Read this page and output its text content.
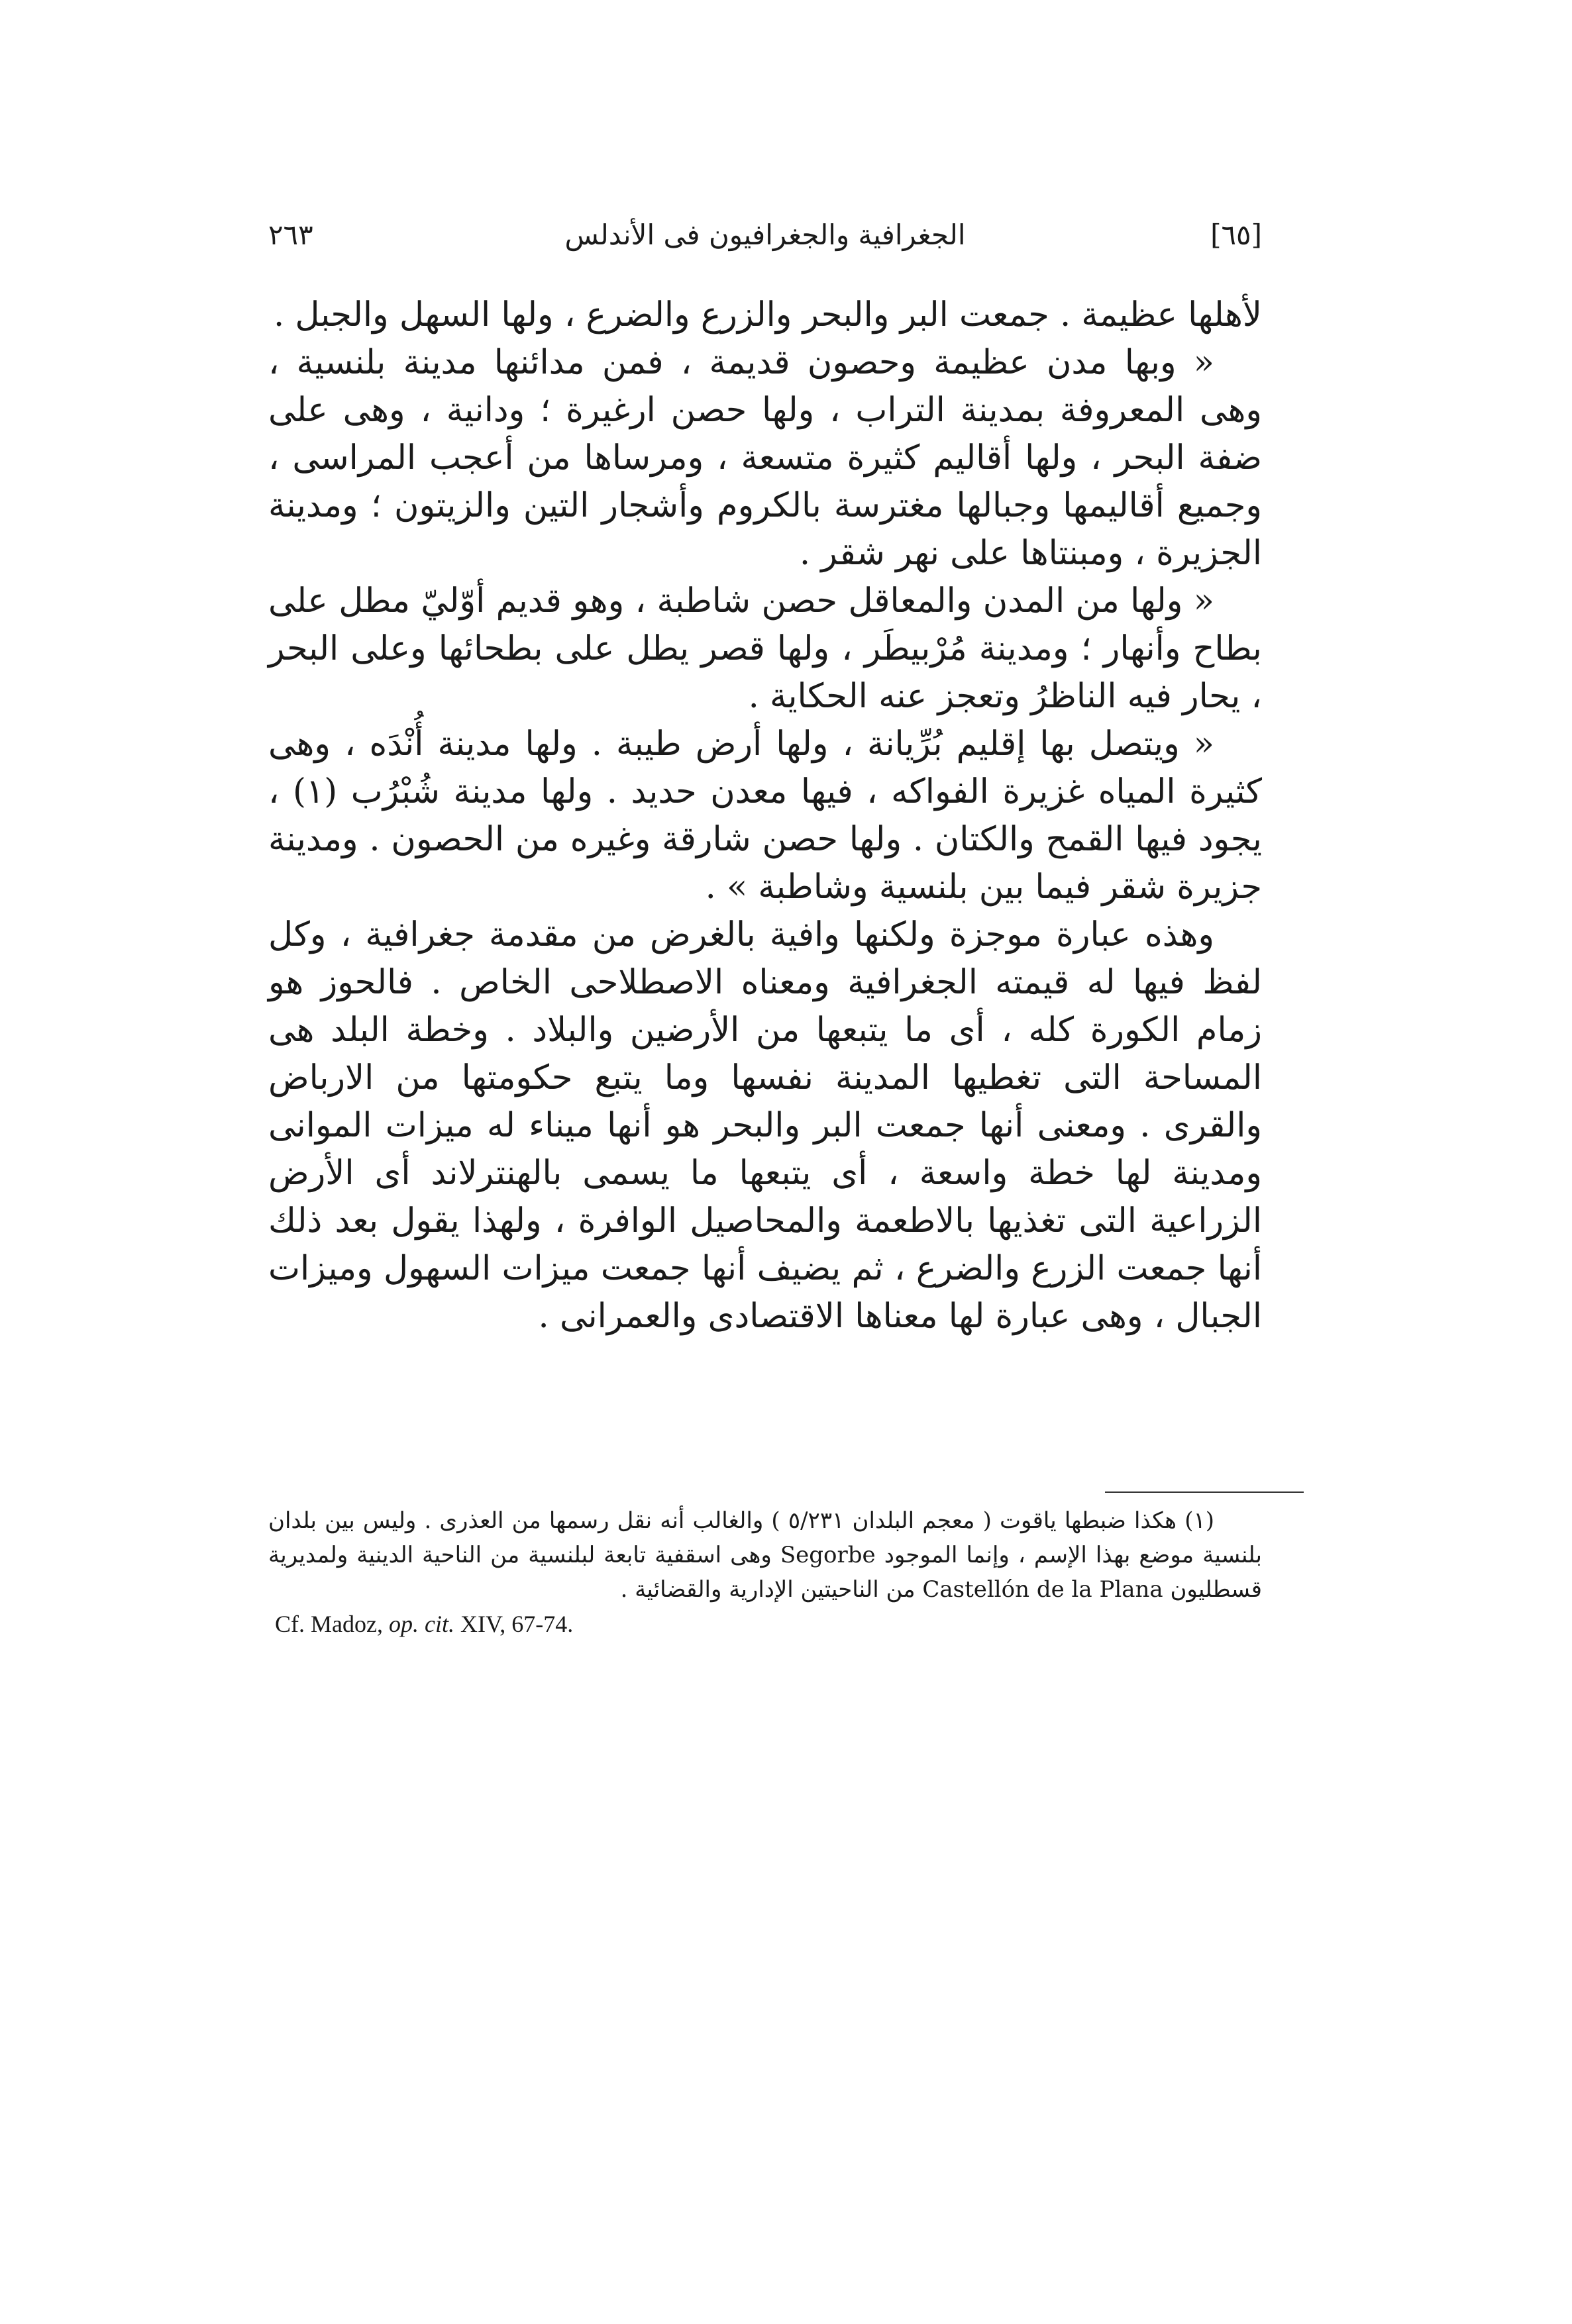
[٦٥]
الجغرافية والجغرافيون فى الأندلس
٢٦٣

لأهلها عظيمة . جمعت البر والبحر والزرع والضرع ، ولها السهل والجبل .

« وبها مدن عظيمة وحصون قديمة ، فمن مدائنها مدينة بلنسية ، وهى المعروفة بمدينة التراب ، ولها حصن ارغيرة ؛ ودانية ، وهى على ضفة البحر ، ولها أقاليم كثيرة متسعة ، ومرساها من أعجب المراسى ، وجميع أقاليمها وجبالها مغترسة بالكروم وأشجار التين والزيتون ؛ ومدينة الجزيرة ، ومبنتاها على نهر شقر .

« ولها من المدن والمعاقل حصن شاطبة ، وهو قديم أوّليّ مطل على بطاح وأنهار ؛ ومدينة مُرْبيطَر ، ولها قصر يطل على بطحائها وعلى البحر ، يحار فيه الناظرُ وتعجز عنه الحكاية .

« ويتصل بها إقليم بُرِّيانة ، ولها أرض طيبة . ولها مدينة أُنْدَه ، وهى كثيرة المياه غزيرة الفواكه ، فيها معدن حديد . ولها مدينة شُبْرُب (١) ، يجود فيها القمح والكتان . ولها حصن شارقة وغيره من الحصون . ومدينة جزيرة شقر فيما بين بلنسية وشاطبة » .

وهذه عبارة موجزة ولكنها وافية بالغرض من مقدمة جغرافية ، وكل لفظ فيها له قيمته الجغرافية ومعناه الاصطلاحى الخاص . فالحوز هو زمام الكورة كله ، أى ما يتبعها من الأرضين والبلاد . وخطة البلد هى المساحة التى تغطيها المدينة نفسها وما يتبع حكومتها من الارباض والقرى . ومعنى أنها جمعت البر والبحر هو أنها ميناء له ميزات الموانى ومدينة لها خطة واسعة ، أى يتبعها ما يسمى بالهنترلاند أى الأرض الزراعية التى تغذيها بالاطعمة والمحاصيل الوافرة ، ولهذا يقول بعد ذلك أنها جمعت الزرع والضرع ، ثم يضيف أنها جمعت ميزات السهول وميزات الجبال ، وهى عبارة لها معناها الاقتصادى والعمرانى .

(١) هكذا ضبطها ياقوت ( معجم البلدان ٥/٢٣١ ) والغالب أنه نقل رسمها من العذرى . وليس بين بلدان بلنسية موضع بهذا الإسم ، وإنما الموجود Segorbe وهى اسقفية تابعة لبلنسية من الناحية الدينية ولمديرية قسطليون Castellón de la Plana من الناحيتين الإدارية والقضائية .

Cf. Madoz, op. cit. XIV, 67-74.
